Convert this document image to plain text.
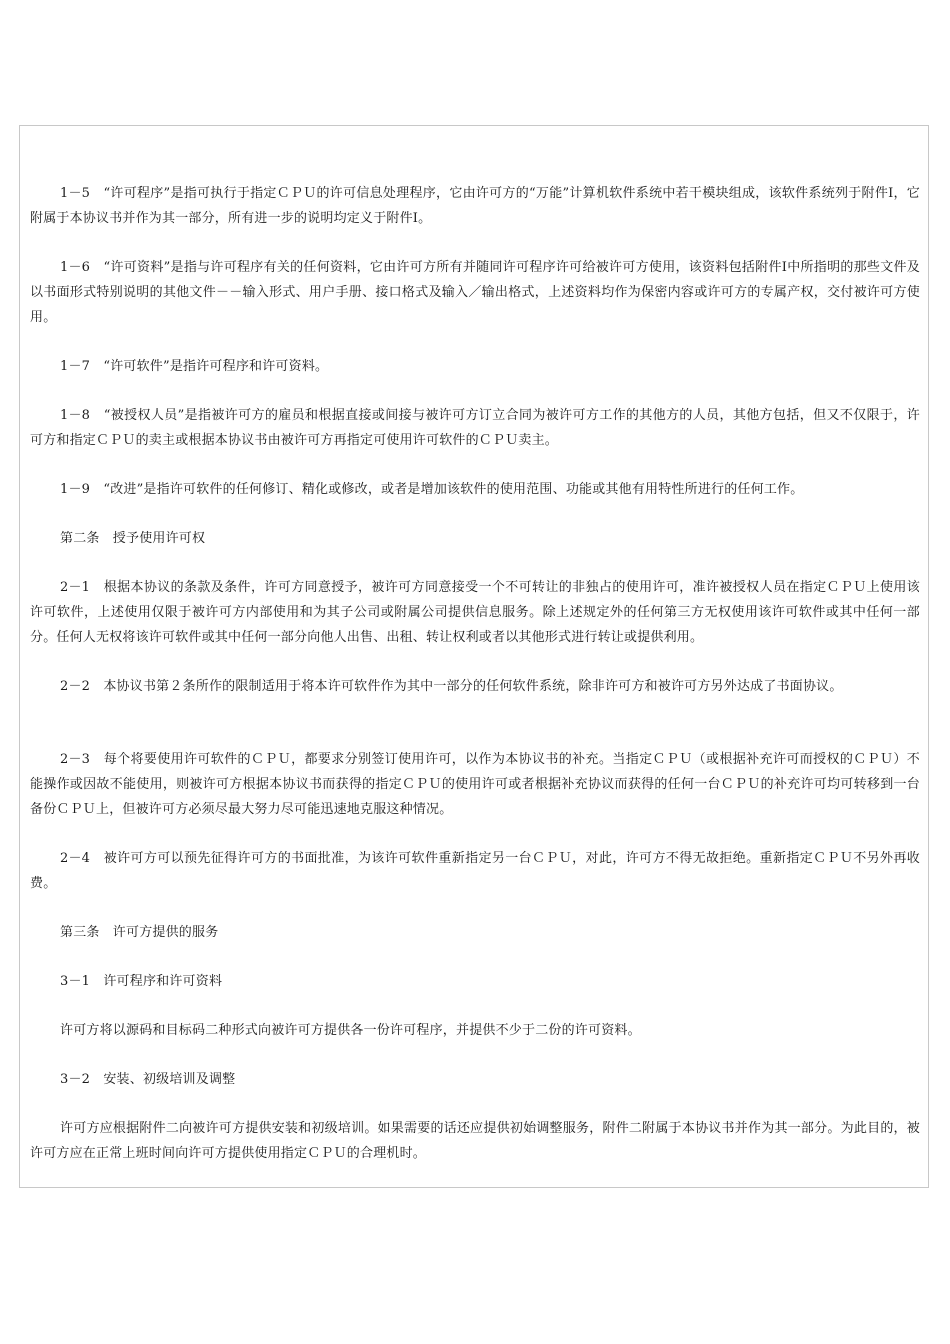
1－5　“许可程序”是指可执行于指定ＣＰＵ的许可信息处理程序，它由许可方的“万能”计算机软件系统中若干模块组成，该软件系统列于附件Ⅰ，它附属于本协议书并作为其一部分，所有进一步的说明均定义于附件Ⅰ。

1－6　“许可资料”是指与许可程序有关的任何资料，它由许可方所有并随同许可程序许可给被许可方使用，该资料包括附件Ⅰ中所指明的那些文件及以书面形式特别说明的其他文件－－输入形式、用户手册、接口格式及输入／输出格式，上述资料均作为保密内容或许可方的专属产权，交付被许可方使用。

1－7　“许可软件”是指许可程序和许可资料。

1－8　“被授权人员”是指被许可方的雇员和根据直接或间接与被许可方订立合同为被许可方工作的其他方的人员，其他方包括，但又不仅限于，许可方和指定ＣＰＵ的卖主或根据本协议书由被许可方再指定可使用许可软件的ＣＰＵ卖主。

1－9　“改进”是指许可软件的任何修订、精化或修改，或者是增加该软件的使用范围、功能或其他有用特性所进行的任何工作。

第二条　授予使用许可权

2－1　根据本协议的条款及条件，许可方同意授予，被许可方同意接受一个不可转让的非独占的使用许可，准许被授权人员在指定ＣＰＵ上使用该许可软件，上述使用仅限于被许可方内部使用和为其子公司或附属公司提供信息服务。除上述规定外的任何第三方无权使用该许可软件或其中任何一部分。任何人无权将该许可软件或其中任何一部分向他人出售、出租、转让权利或者以其他形式进行转让或提供利用。

2－2　本协议书第２条所作的限制适用于将本许可软件作为其中一部分的任何软件系统，除非许可方和被许可方另外达成了书面协议。

2－3　每个将要使用许可软件的ＣＰＵ，都要求分别签订使用许可，以作为本协议书的补充。当指定ＣＰＵ（或根据补充许可而授权的ＣＰＵ）不能操作或因故不能使用，则被许可方根据本协议书而获得的指定ＣＰＵ的使用许可或者根据补充协议而获得的任何一台ＣＰＵ的补充许可均可转移到一台备份ＣＰＵ上，但被许可方必须尽最大努力尽可能迅速地克服这种情况。

2－4　被许可方可以预先征得许可方的书面批准，为该许可软件重新指定另一台ＣＰＵ，对此，许可方不得无故拒绝。重新指定ＣＰＵ不另外再收费。

第三条　许可方提供的服务

3－1　许可程序和许可资料

许可方将以源码和目标码二种形式向被许可方提供各一份许可程序，并提供不少于二份的许可资料。

3－2　安装、初级培训及调整

许可方应根据附件二向被许可方提供安装和初级培训。如果需要的话还应提供初始调整服务，附件二附属于本协议书并作为其一部分。为此目的，被许可方应在正常上班时间向许可方提供使用指定ＣＰＵ的合理机时。
